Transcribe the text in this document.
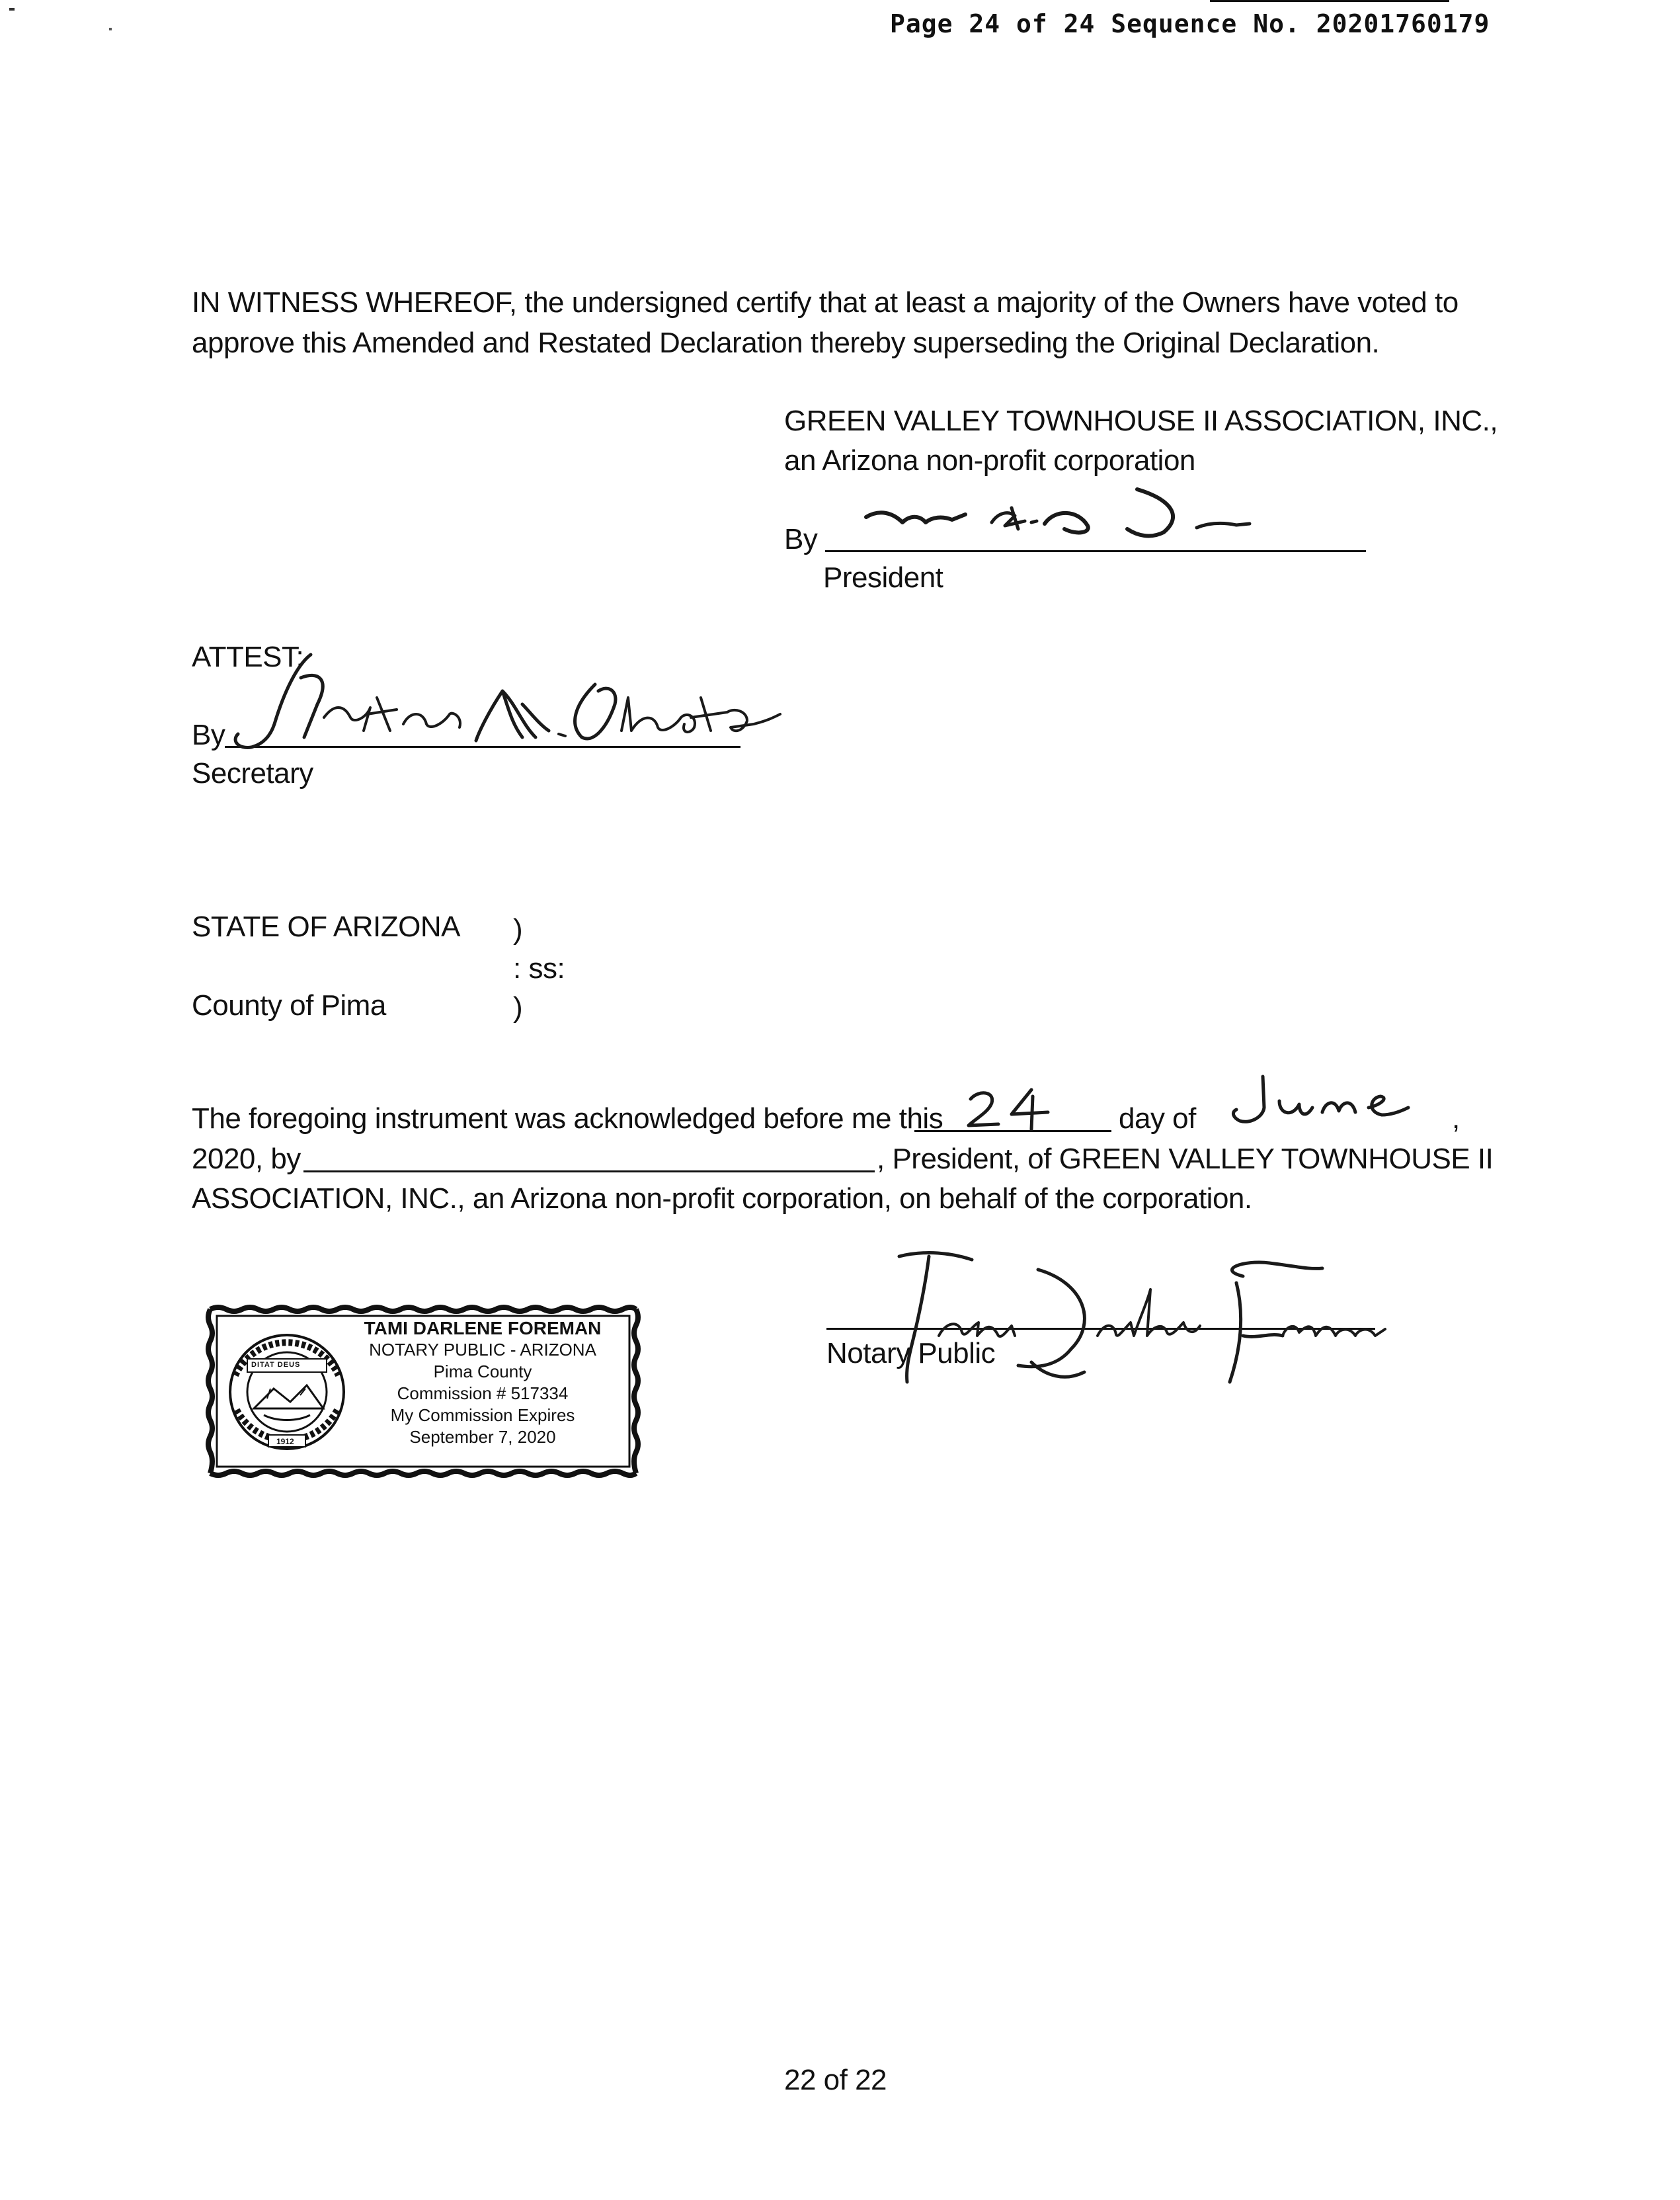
Page 24 of 24 Sequence No. 20201760179
IN WITNESS WHEREOF, the undersigned certify that at least a majority of the Owners have voted to
approve this Amended and Restated Declaration thereby superseding the Original Declaration.
GREEN VALLEY TOWNHOUSE II ASSOCIATION, INC.,
an Arizona non-profit corporation
By
President
ATTEST:
By
Secretary
STATE OF ARIZONA )
: ss:
County of Pima	)
The foregoing instrument was acknowledged before me this	day of	,
2020, by	, President, of GREEN VALLEY TOWNHOUSE II
ASSOCIATION, INC., an Arizona non-profit corporation, on behalf of the corporation.
DITAT DEUS
1912
TAMI DARLENE FOREMAN
NOTARY PUBLIC - ARIZONA
Pima County
Commission # 517334
My Commission Expires
September 7, 2020
Notary Public
22 of 22
